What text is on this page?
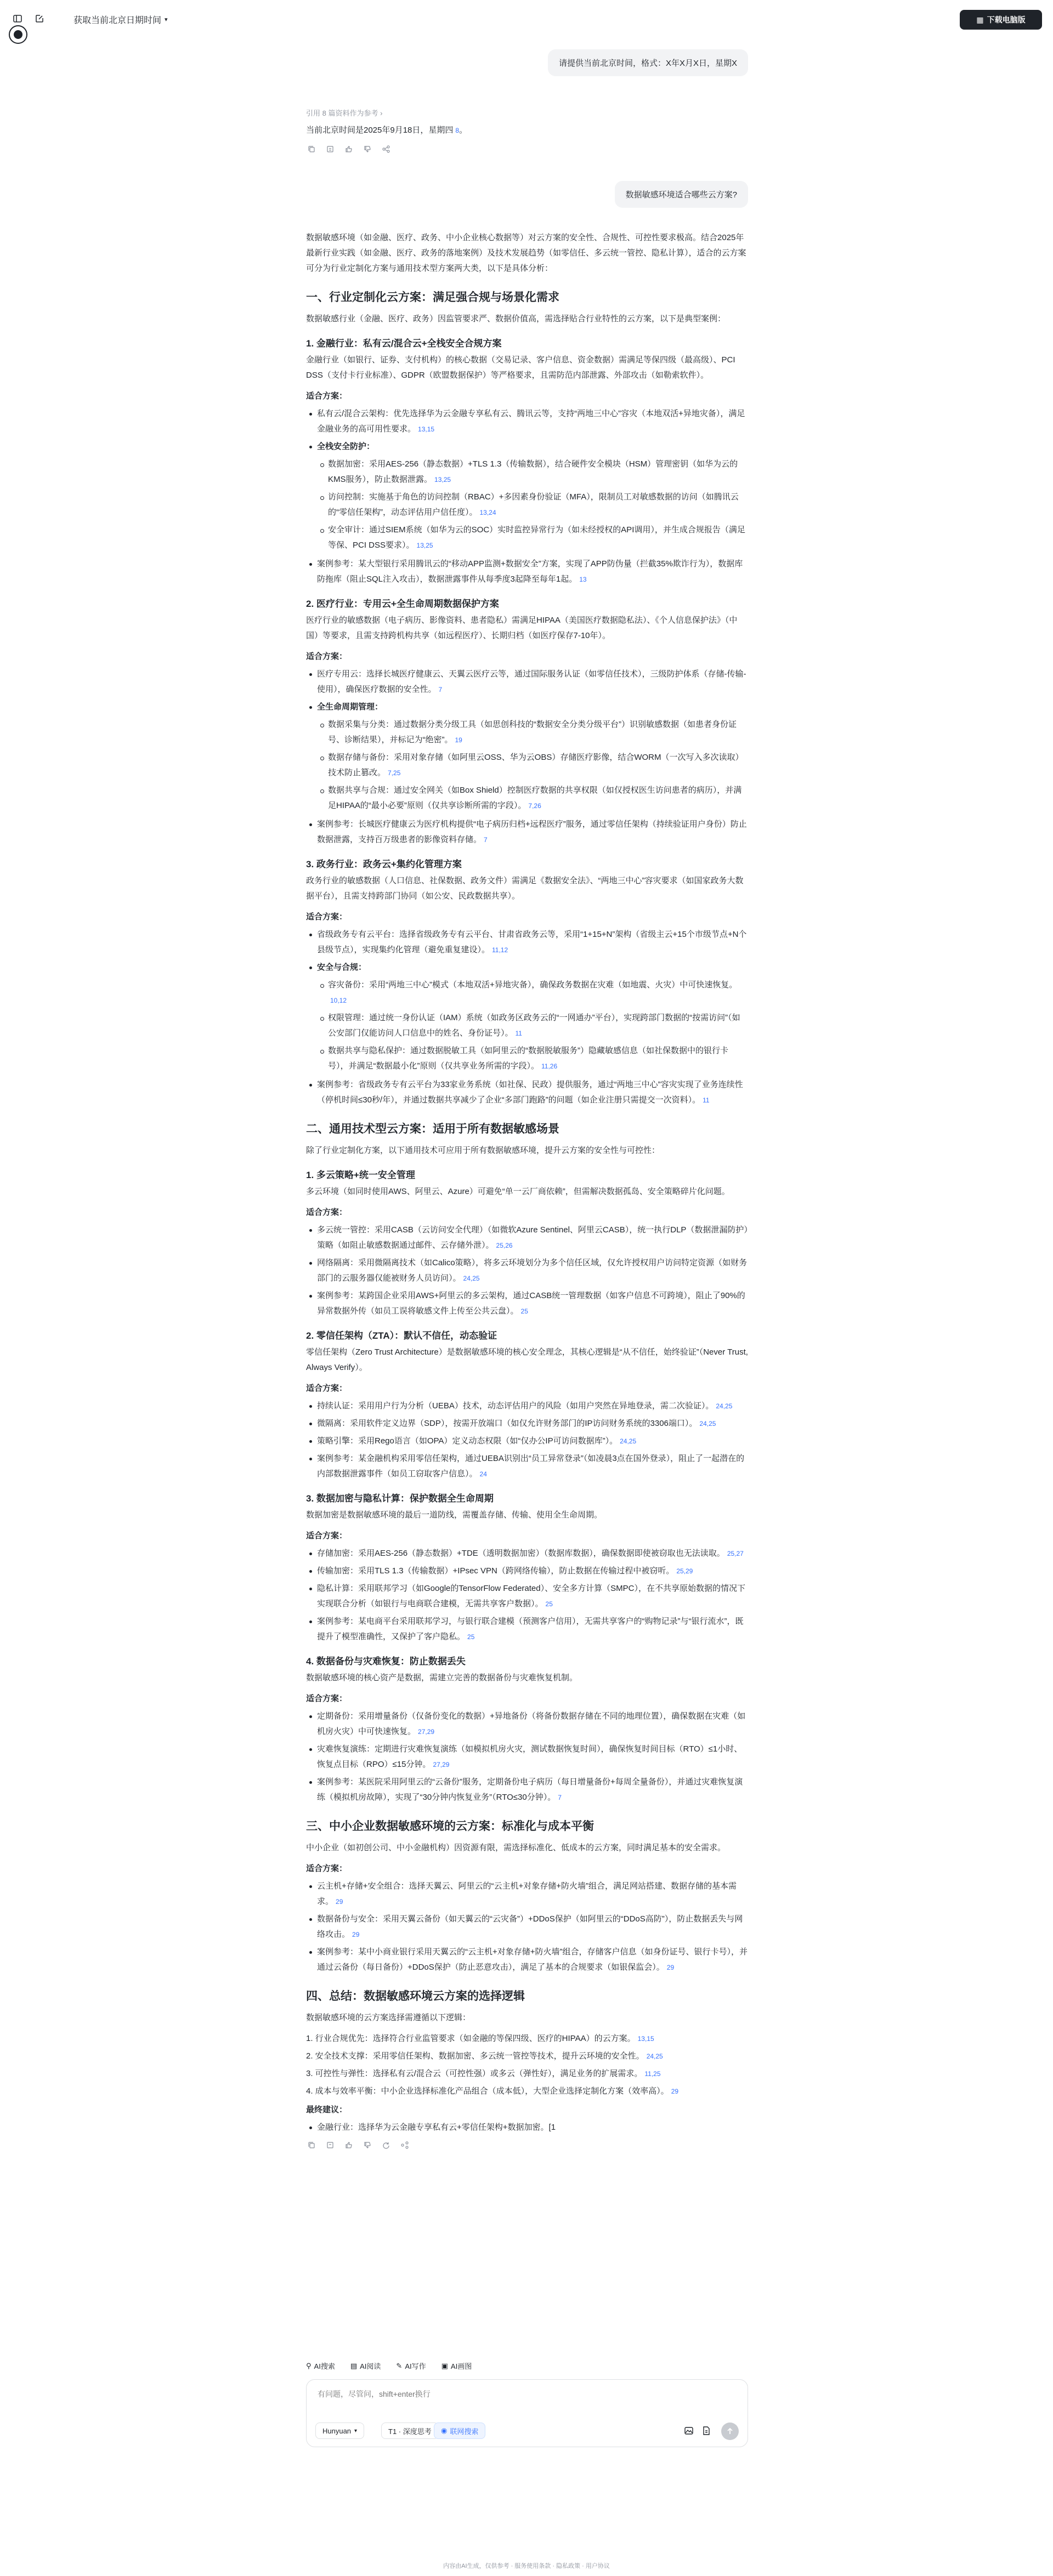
获取当前北京日期时间 ▾	▦ 下载电脑版
请提供当前北京时间，格式：X年X月X日，星期X
引用 8 篇资料作为参考 ›
当前北京时间是2025年9月18日，星期四 8。
数据敏感环境适合哪些云方案?

数据敏感环境（如金融、医疗、政务、中小企业核心数据等）对云方案的安全性、合规性、可控性要求极高。结合2025年最新行业实践（如金融、医疗、政务的落地案例）及技术发展趋势（如零信任、多云统一管控、隐私计算），适合的云方案可分为行业定制化方案与通用技术型方案两大类，以下是具体分析：

一、行业定制化云方案：满足强合规与场景化需求

数据敏感行业（金融、医疗、政务）因监管要求严、数据价值高，需选择贴合行业特性的云方案，以下是典型案例：

1. 金融行业：私有云/混合云+全栈安全合规方案

金融行业（如银行、证券、支付机构）的核心数据（交易记录、客户信息、资金数据）需满足等保四级（最高级）、PCI DSS（支付卡行业标准）、GDPR（欧盟数据保护）等严格要求，且需防范内部泄露、外部攻击（如勒索软件）。

适合方案：
私有云/混合云架构：优先选择华为云金融专享私有云、腾讯云等，支持“两地三中心”容灾（本地双活+异地灾备），满足金融业务的高可用性要求。 13,15
全栈安全防护：
数据加密：采用AES-256（静态数据）+TLS 1.3（传输数据），结合硬件安全模块（HSM）管理密钥（如华为云的KMS服务），防止数据泄露。 13,25
访问控制：实施基于角色的访问控制（RBAC）+多因素身份验证（MFA），限制员工对敏感数据的访问（如腾讯云的“零信任架构”，动态评估用户信任度）。 13,24
安全审计：通过SIEM系统（如华为云的SOC）实时监控异常行为（如未经授权的API调用），并生成合规报告（满足等保、PCI DSS要求）。 13,25
案例参考：某大型银行采用腾讯云的“移动APP监测+数据安全”方案，实现了APP防伪量（拦截35%欺诈行为），数据库防拖库（阻止SQL注入攻击），数据泄露事件从每季度3起降至每年1起。 13
2. 医疗行业：专用云+全生命周期数据保护方案

医疗行业的敏感数据（电子病历、影像资料、患者隐私）需满足HIPAA（美国医疗数据隐私法）、《个人信息保护法》（中国）等要求，且需支持跨机构共享（如远程医疗）、长期归档（如医疗保存7-10年）。

适合方案：
医疗专用云：选择长城医疗健康云、天翼云医疗云等，通过国际服务认证（如零信任技术），三级防护体系（存储-传输-使用），确保医疗数据的安全性。 7
全生命周期管理：
数据采集与分类：通过数据分类分级工具（如思创科技的“数据安全分类分级平台”）识别敏感数据（如患者身份证号、诊断结果），并标记为“绝密”。 19
数据存储与备份：采用对象存储（如阿里云OSS、华为云OBS）存储医疗影像，结合WORM（一次写入多次读取）技术防止篡改。 7,25
数据共享与合规：通过安全网关（如Box Shield）控制医疗数据的共享权限（如仅授权医生访问患者的病历），并满足HIPAA的“最小必要”原则（仅共享诊断所需的字段）。 7,26
案例参考：长城医疗健康云为医疗机构提供“电子病历归档+远程医疗”服务，通过零信任架构（持续验证用户身份）防止数据泄露，支持百万级患者的影像资料存储。 7
3. 政务行业：政务云+集约化管理方案

政务行业的敏感数据（人口信息、社保数据、政务文件）需满足《数据安全法》、“两地三中心”容灾要求（如国家政务大数据平台），且需支持跨部门协同（如公安、民政数据共享）。

适合方案：
省级政务专有云平台：选择省级政务专有云平台、甘肃省政务云等，采用“1+15+N”架构（省级主云+15个市级节点+N个县级节点），实现集约化管理（避免重复建设）。 11,12
安全与合规：
容灾备份：采用“两地三中心”模式（本地双活+异地灾备），确保政务数据在灾难（如地震、火灾）中可快速恢复。10,12
权限管理：通过统一身份认证（IAM）系统（如政务区政务云的“一网通办”平台），实现跨部门数据的“按需访问”（如公安部门仅能访问人口信息中的姓名、身份证号）。 11
数据共享与隐私保护：通过数据脱敏工具（如阿里云的“数据脱敏服务”）隐藏敏感信息（如社保数据中的银行卡号），并满足“数据最小化”原则（仅共享业务所需的字段）。 11,26
案例参考：省级政务专有云平台为33家业务系统（如社保、民政）提供服务，通过“两地三中心”容灾实现了业务连续性（停机时间≤30秒/年），并通过数据共享减少了企业“多部门跑路”的问题（如企业注册只需提交一次资料）。 11
二、通用技术型云方案：适用于所有数据敏感场景

除了行业定制化方案，以下通用技术可应用于所有数据敏感环境，提升云方案的安全性与可控性：

1. 多云策略+统一安全管理

多云环境（如同时使用AWS、阿里云、Azure）可避免“单一云厂商依赖”，但需解决数据孤岛、安全策略碎片化问题。

适合方案：
多云统一管控：采用CASB（云访问安全代理）（如微软Azure Sentinel、阿里云CASB），统一执行DLP（数据泄漏防护）策略（如阻止敏感数据通过邮件、云存储外泄）。 25,26
网络隔离：采用微隔离技术（如Calico策略），将多云环境划分为多个信任区域，仅允许授权用户访问特定资源（如财务部门的云服务器仅能被财务人员访问）。 24,25
案例参考：某跨国企业采用AWS+阿里云的多云架构，通过CASB统一管理数据（如客户信息不可跨境），阻止了90%的异常数据外传（如员工误将敏感文件上传至公共云盘）。 25
2. 零信任架构（ZTA）：默认不信任，动态验证

零信任架构（Zero Trust Architecture）是数据敏感环境的核心安全理念，其核心逻辑是“从不信任，始终验证”（Never Trust, Always Verify）。

适合方案：
持续认证：采用用户行为分析（UEBA）技术，动态评估用户的风险（如用户突然在异地登录，需二次验证）。 24,25
微隔离：采用软件定义边界（SDP），按需开放端口（如仅允许财务部门的IP访问财务系统的3306端口）。 24,25
策略引擎：采用Rego语言（如OPA）定义动态权限（如“仅办公IP可访问数据库”）。 24,25
案例参考：某金融机构采用零信任架构，通过UEBA识别出“员工异常登录”（如凌晨3点在国外登录），阻止了一起潜在的内部数据泄露事件（如员工窃取客户信息）。 24
3. 数据加密与隐私计算：保护数据全生命周期

数据加密是数据敏感环境的最后一道防线，需覆盖存储、传输、使用全生命周期。

适合方案：
存储加密：采用AES-256（静态数据）+TDE（透明数据加密）（数据库数据），确保数据即使被窃取也无法读取。 25,27
传输加密：采用TLS 1.3（传输数据）+IPsec VPN（跨网络传输），防止数据在传输过程中被窃听。 25,29
隐私计算：采用联邦学习（如Google的TensorFlow Federated）、安全多方计算（SMPC），在不共享原始数据的情况下实现联合分析（如银行与电商联合建模，无需共享客户数据）。 25
案例参考：某电商平台采用联邦学习，与银行联合建模（预测客户信用），无需共享客户的“购物记录”与“银行流水”，既提升了模型准确性，又保护了客户隐私。 25
4. 数据备份与灾难恢复：防止数据丢失

数据敏感环境的核心资产是数据，需建立完善的数据备份与灾难恢复机制。

适合方案：
定期备份：采用增量备份（仅备份变化的数据）+异地备份（将备份数据存储在不同的地理位置），确保数据在灾难（如机房火灾）中可快速恢复。 27,29
灾难恢复演练：定期进行灾难恢复演练（如模拟机房火灾，测试数据恢复时间），确保恢复时间目标（RTO）≤1小时、恢复点目标（RPO）≤15分钟。 27,29
案例参考：某医院采用阿里云的“云备份”服务，定期备份电子病历（每日增量备份+每周全量备份），并通过灾难恢复演练（模拟机房故障），实现了“30分钟内恢复业务”（RTO≤30分钟）。 7
三、中小企业数据敏感环境的云方案：标准化与成本平衡

中小企业（如初创公司、中小金融机构）因资源有限，需选择标准化、低成本的云方案，同时满足基本的安全需求。

适合方案：
云主机+存储+安全组合：选择天翼云、阿里云的“云主机+对象存储+防火墙”组合，满足网站搭建、数据存储的基本需求。 29
数据备份与安全：采用天翼云备份（如天翼云的“云灾备”）+DDoS保护（如阿里云的“DDoS高防”），防止数据丢失与网络攻击。 29
案例参考：某中小商业银行采用天翼云的“云主机+对象存储+防火墙”组合，存储客户信息（如身份证号、银行卡号），并通过云备份（每日备份）+DDoS保护（防止恶意攻击），满足了基本的合规要求（如银保监会）。 29
四、总结：数据敏感环境云方案的选择逻辑

数据敏感环境的云方案选择需遵循以下逻辑：

1. 行业合规优先：选择符合行业监管要求（如金融的等保四级、医疗的HIPAA）的云方案。 13,15
2. 安全技术支撑：采用零信任架构、数据加密、多云统一管控等技术，提升云环境的安全性。 24,25
3. 可控性与弹性：选择私有云/混合云（可控性强）或多云（弹性好），满足业务的扩展需求。 11,25
4. 成本与效率平衡：中小企业选择标准化产品组合（成本低），大型企业选择定制化方案（效率高）。 29
最终建议：
金融行业：选择华为云金融专享私有云+零信任架构+数据加密。[1
⚲ AI搜索 ▤ AI阅读 ✎ AI写作 ▣ AI画图
有问题，尽管问，shift+enter换行
Hunyuan ▾	T1 · 深度思考 ◉ 联网搜索
内容由AI生成，仅供参考 · 服务使用条款 · 隐私政策 · 用户协议
